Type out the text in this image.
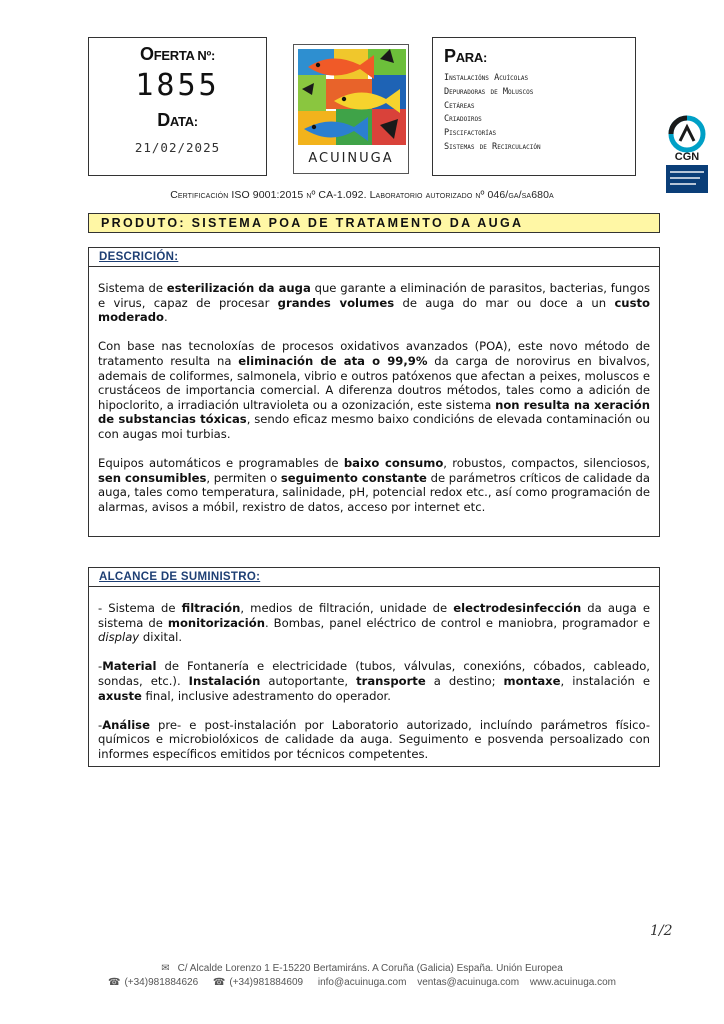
OFERTA Nº:
1855
DATA:
21/02/2025
ACUINUGA
PARA:
Instalacións Acuícolas
Depuradoras de Moluscos
Cetáreas
Criadoiros
Piscifactorías
Sistemas de Recirculación
CGN
Certificación ISO 9001:2015 nº CA-1.092. Laboratorio autorizado nº 046/ga/sa680a
PRODUTO: SISTEMA POA DE TRATAMENTO DA AUGA
DESCRICIÓN:

Sistema de esterilización da auga que garante a eliminación de parasitos, bacterias, fungos e virus, capaz de procesar grandes volumes de auga do mar ou doce a un custo moderado.

Con base nas tecnoloxías de procesos oxidativos avanzados (POA), este novo método de tratamento resulta na eliminación de ata o 99,9% da carga de norovirus en bivalvos, ademais de coliformes, salmonela, vibrio e outros patóxenos que afectan a peixes, moluscos e crustáceos de importancia comercial. A diferenza doutros métodos, tales como a adición de hipoclorito, a irradiación ultravioleta ou a ozonización, este sistema non resulta na xeración de substancias tóxicas, sendo eficaz mesmo baixo condicións de elevada contaminación ou con augas moi turbias.

Equipos automáticos e programables de baixo consumo, robustos, compactos, silenciosos, sen consumibles, permiten o seguimento constante de parámetros críticos de calidade da auga, tales como temperatura, salinidade, pH, potencial redox etc., así como programación de alarmas, avisos a móbil, rexistro de datos, acceso por internet etc.

ALCANCE DE SUMINISTRO:

- Sistema de filtración, medios de filtración, unidade de electrodesinfección da auga e sistema de monitorización. Bombas, panel eléctrico de control e maniobra, programador e display dixital.

-Material de Fontanería e electricidade (tubos, válvulas, conexións, cóbados, cableado, sondas, etc.). Instalación autoportante, transporte a destino; montaxe, instalación e axuste final, inclusive adestramento do operador.

-Análise pre- e post-instalación por Laboratorio autorizado, incluíndo parámetros físico-químicos e microbiolóxicos de calidade da auga. Seguimento e posvenda persoalizado con informes específicos emitidos por técnicos competentes.

1/2
✉ C/ Alcalde Lorenzo 1 E-15220 Bertamiráns. A Coruña (Galicia) España. Unión Europea
☎ (+34)981884626 ☎ (+34)981884609 info@acuinuga.com ventas@acuinuga.com www.acuinuga.com
